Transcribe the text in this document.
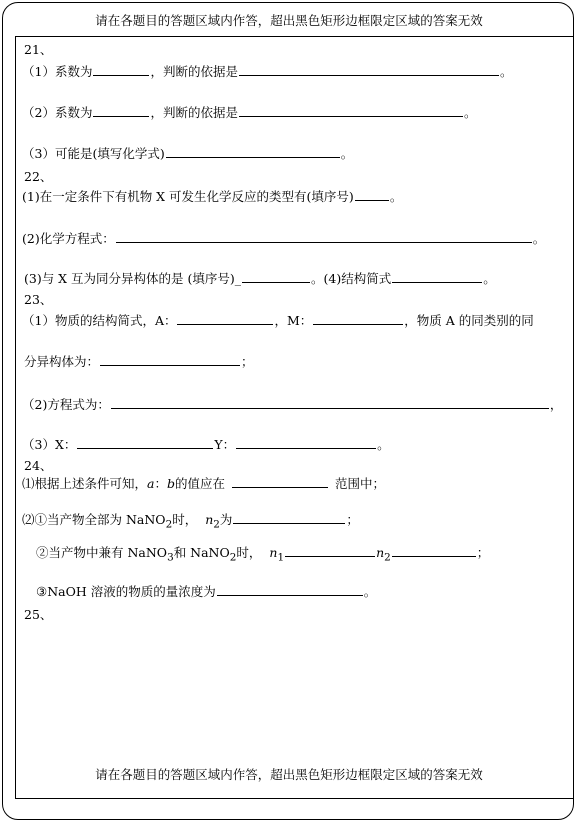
请在各题目的答题区域内作答，超出黑色矩形边框限定区域的答案无效
21、
（1）系数为	，判断的依据是	。
（2）系数为	，判断的依据是	。
（3）可能是(填写化学式)	。
22、
(1)在一定条件下有机物 X 可发生化学反应的类型有(填序号)	。
(2)化学方程式：	。
(3)与 X 互为同分异构体的是 (填序号)_	。(4)结构简式	。
23、
（1）物质的结构简式，A：	，M：	，物质 A 的同类别的同
分异构体为：	；
（2)方程式为：	，
（3）X：	Y：	。
24、
⑴根据上述条件可知，a：b的值应在	范围中；
⑵①当产物全部为 NaNO$_2$时， $n_2$为	；
②当产物中兼有 NaNO$_3$和 NaNO$_2$时， $n_1$	$n_2$	；
③NaOH 溶液的物质的量浓度为	。
25、
请在各题目的答题区域内作答，超出黑色矩形边框限定区域的答案无效
